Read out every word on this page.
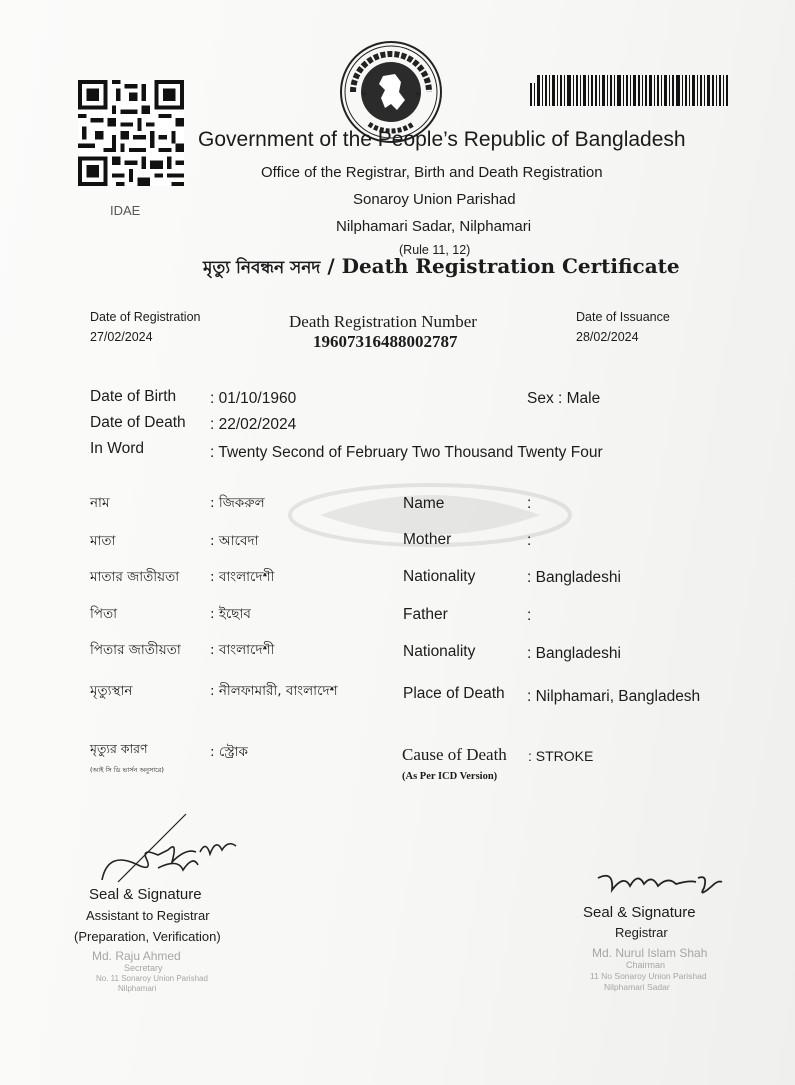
IDAE
★	★
Government of the People’s Republic of Bangladesh
Office of the Registrar, Birth and Death Registration
Sonaroy Union Parishad
Nilphamari Sadar, Nilphamari
(Rule 11, 12)
মৃত্যু নিবন্ধন সনদ / Death Registration Certificate
Date of Registration
27/02/2024
Death Registration Number
19607316488002787
Date of Issuance
28/02/2024
Date of Birth : 01/10/1960	Sex : Male
Date of Death : 22/02/2024
In Word	: Twenty Second of February Two Thousand Twenty Four
নাম	: জিকরুল	Name	:
মাতা	: আবেদা	Mother	:
মাতার জাতীয়তা : বাংলাদেশী	Nationality	: Bangladeshi
পিতা	: ইছোব	Father	:
পিতার জাতীয়তা : বাংলাদেশী	Nationality	: Bangladeshi
মৃত্যুস্থান	: নীলফামারী, বাংলাদেশ	Place of Death : Nilphamari, Bangladesh
মৃত্যুর কারণ
(আই সি ডি ভার্সন অনুসারে)
: স্ট্রোক	Cause of Death : STROKE
(As Per ICD Version)
Seal & Signature
Assistant to Registrar
(Preparation, Verification)
Md. Raju Ahmed
Secretary
No. 11 Sonaroy Union Parishad
Nilphamari
Seal & Signature
Registrar
Md. Nurul Islam Shah
Chairman
11 No Sonaroy Union Parishad
Nilphamari Sadar
